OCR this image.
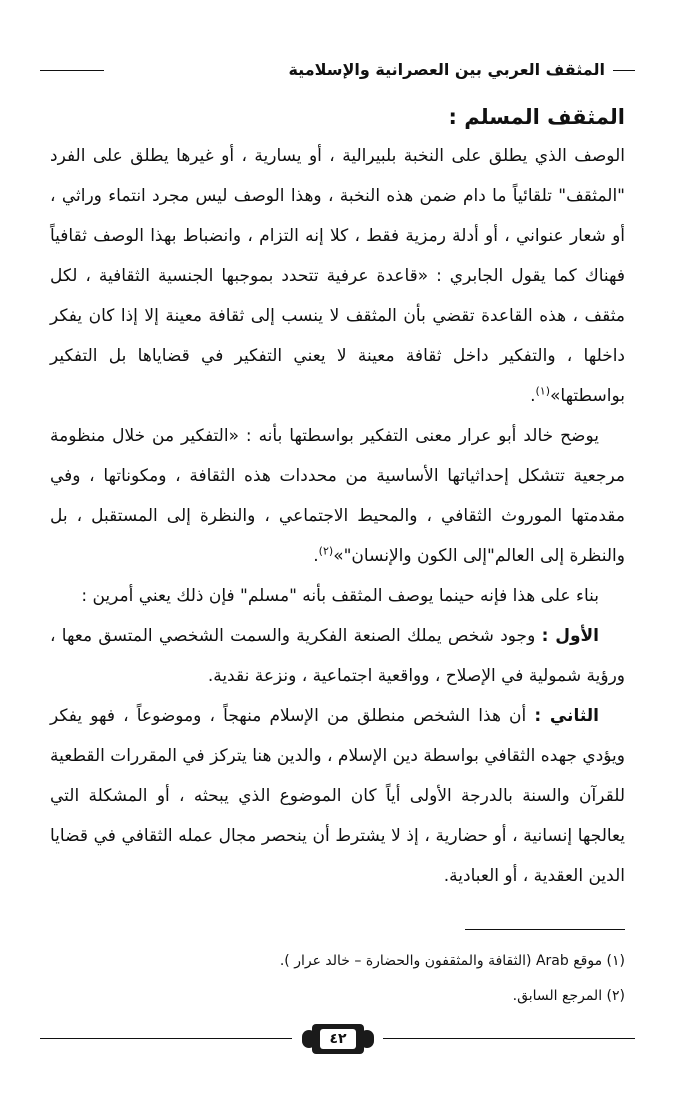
المثقف العربي بين العصرانية والإسلامية
المثقف المسلم :

الوصف الذي يطلق على النخبة بلبيرالية ، أو يسارية ، أو غيرها يطلق على الفرد "المثقف" تلقائياً ما دام ضمن هذه النخبة ، وهذا الوصف ليس مجرد انتماء وراثي ، أو شعار عنواني ، أو أدلة رمزية فقط ، كلا إنه التزام ، وانضباط بهذا الوصف ثقافياً فهناك كما يقول الجابري : «قاعدة عرفية تتحدد بموجبها الجنسية الثقافية ، لكل مثقف ، هذه القاعدة تقضي بأن المثقف لا ينسب إلى ثقافة معينة إلا إذا كان يفكر داخلها ، والتفكير داخل ثقافة معينة لا يعني التفكير في قضاياها بل التفكير بواسطتها»$^{(١)}$.

يوضح خالد أبو عرار معنى التفكير بواسطتها بأنه : «التفكير من خلال منظومة مرجعية تتشكل إحداثياتها الأساسية من محددات هذه الثقافة ، ومكوناتها ، وفي مقدمتها الموروث الثقافي ، والمحيط الاجتماعي ، والنظرة إلى المستقبل ، بل والنظرة إلى العالم"إلى الكون والإنسان"»$^{(٢)}$.

بناء على هذا فإنه حينما يوصف المثقف بأنه "مسلم" فإن ذلك يعني أمرين :

الأول : وجود شخص يملك الصنعة الفكرية والسمت الشخصي المتسق معها ، ورؤية شمولية في الإصلاح ، وواقعية اجتماعية ، ونزعة نقدية.

الثاني : أن هذا الشخص منطلق من الإسلام منهجاً ، وموضوعاً ، فهو يفكر ويؤدي جهده الثقافي بواسطة دين الإسلام ، والدين هنا يتركز في المقررات القطعية للقرآن والسنة بالدرجة الأولى أياً كان الموضوع الذي يبحثه ، أو المشكلة التي يعالجها إنسانية ، أو حضارية ، إذ لا يشترط أن ينحصر مجال عمله الثقافي في قضايا الدين العقدية ، أو العبادية.

(١) موقع Arab (الثقافة والمثقفون والحضارة – خالد عرار ).

(٢) المرجع السابق.

٤٢
